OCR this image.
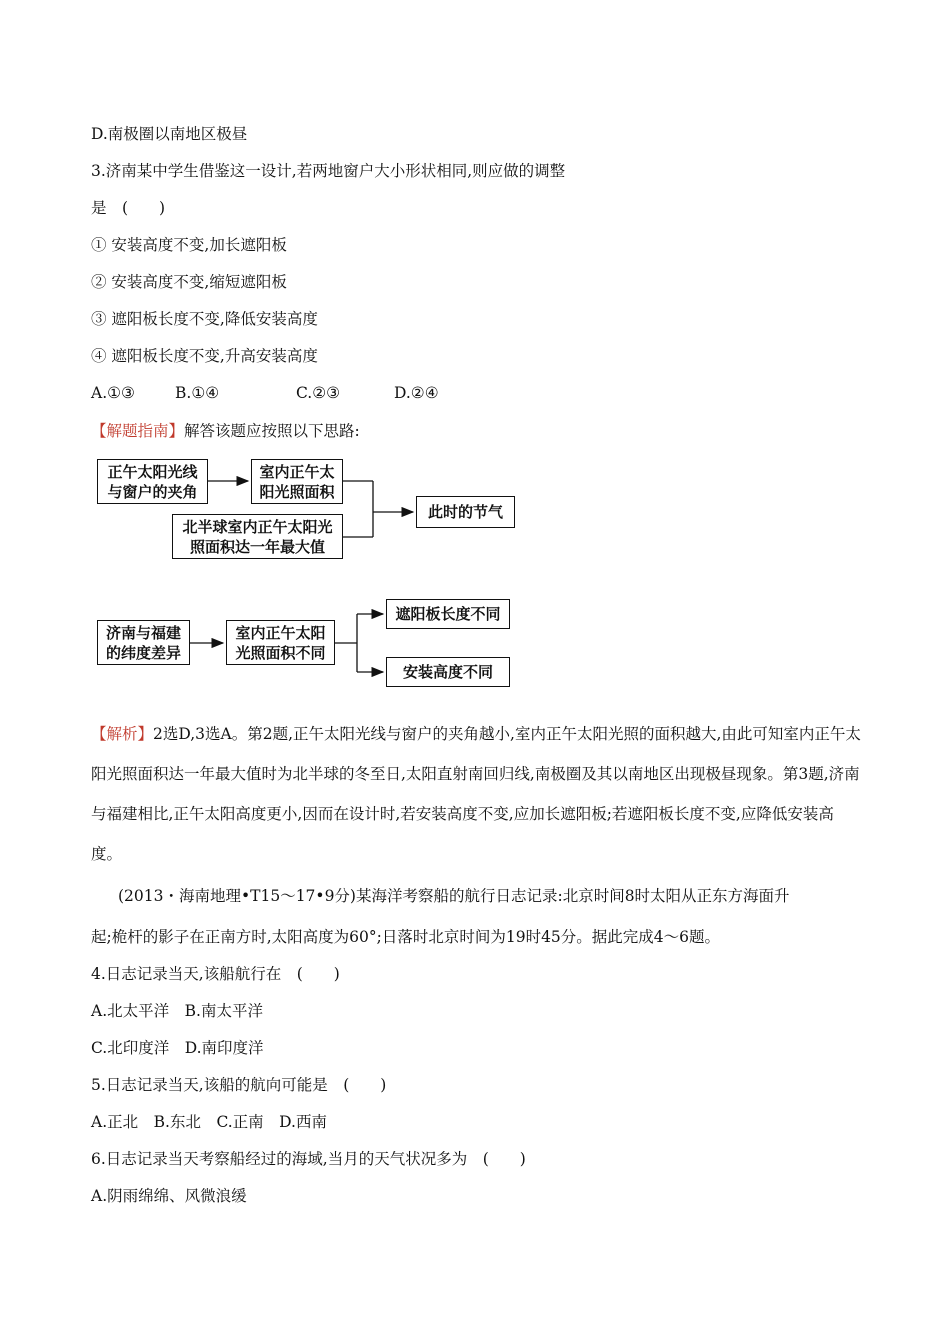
D.南极圈以南地区极昼
3.济南某中学生借鉴这一设计,若两地窗户大小形状相同,则应做的调整
是　(　　)
① 安装高度不变,加长遮阳板
② 安装高度不变,缩短遮阳板
③ 遮阳板长度不变,降低安装高度
④ 遮阳板长度不变,升高安装高度
A.①③	B.①④	C.②③	D.②④
【解题指南】解答该题应按照以下思路:
正午太阳光线
与窗户的夹角
室内正午太
阳光照面积
北半球室内正午太阳光
照面积达一年最大值
此时的节气
济南与福建
的纬度差异
室内正午太阳
光照面积不同
遮阳板长度不同
安装高度不同
【解析】2选D,3选A。第2题,正午太阳光线与窗户的夹角越小,室内正午太阳光照的面积越大,由此可知室内正午太阳光照面积达一年最大值时为北半球的冬至日,太阳直射南回归线,南极圈及其以南地区出现极昼现象。第3题,济南与福建相比,正午太阳高度更小,因而在设计时,若安装高度不变,应加长遮阳板;若遮阳板长度不变,应降低安装高度。
(2013・海南地理•T15～17•9分)某海洋考察船的航行日志记录:北京时间8时太阳从正东方海面升
起;桅杆的影子在正南方时,太阳高度为60°;日落时北京时间为19时45分。据此完成4～6题。
4.日志记录当天,该船航行在　(　　)
A.北太平洋　B.南太平洋
C.北印度洋　D.南印度洋
5.日志记录当天,该船的航向可能是　(　　)
A.正北　B.东北　C.正南　D.西南
6.日志记录当天考察船经过的海域,当月的天气状况多为　(　　)
A.阴雨绵绵、风微浪缓
